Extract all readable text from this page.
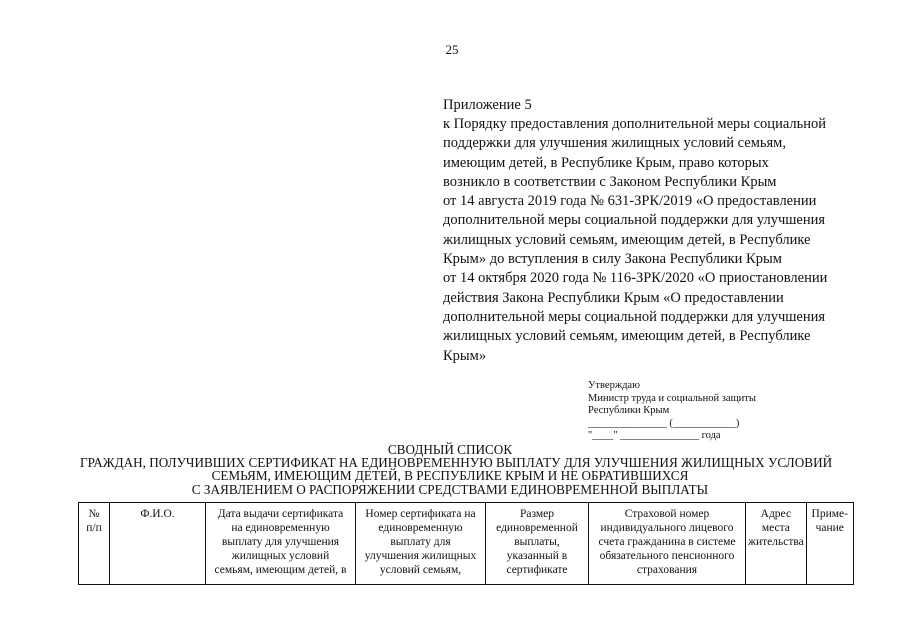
25
Приложение 5
к Порядку предоставления дополнительной меры социальной
поддержки для улучшения жилищных условий семьям,
имеющим детей, в Республике Крым, право которых
возникло в соответствии с Законом Республики Крым
от 14 августа 2019 года № 631-ЗРК/2019 «О предоставлении
дополнительной меры социальной поддержки для улучшения
жилищных условий семьям, имеющим детей, в Республике
Крым» до вступления в силу Закона Республики Крым
от 14 октября 2020 года № 116-ЗРК/2020 «О приостановлении
действия Закона Республики Крым «О предоставлении
дополнительной меры социальной поддержки для улучшения
жилищных условий семьям, имеющим детей, в Республике
Крым»
Утверждаю
Министр труда и социальной защиты
Республики Крым
_______________ (____________)
"____" _______________ года
СВОДНЫЙ СПИСОК
ГРАЖДАН, ПОЛУЧИВШИХ СЕРТИФИКАТ НА ЕДИНОВРЕМЕННУЮ ВЫПЛАТУ ДЛЯ УЛУЧШЕНИЯ ЖИЛИЩНЫХ УСЛОВИЙ
СЕМЬЯМ, ИМЕЮЩИМ ДЕТЕЙ, В РЕСПУБЛИКЕ КРЫМ И НЕ ОБРАТИВШИХСЯ
С ЗАЯВЛЕНИЕМ О РАСПОРЯЖЕНИИ СРЕДСТВАМИ ЕДИНОВРЕМЕННОЙ ВЫПЛАТЫ
№
п/п

Ф.И.О.	Дата выдачи сертификата
на единовременную
выплату для улучшения
жилищных условий
семьям, имеющим детей, в

Номер сертификата на
единовременную
выплату для
улучшения жилищных
условий семьям,

Размер
единовременной
выплаты,
указанный в
сертификате

Страховой номер
индивидуального лицевого
счета гражданина в системе
обязательного пенсионного
страхования

Адрес
места
жительства

Приме-
чание
